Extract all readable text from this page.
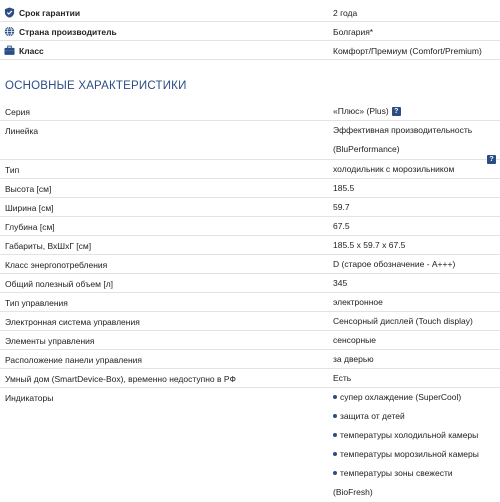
Срок гарантии	2 года
Страна производитель	Болгария*
Класс	Комфорт/Премиум (Comfort/Premium)
ОСНОВНЫЕ ХАРАКТЕРИСТИКИ
Серия	«Плюс» (Plus) ?
Линейка	Эффективная производительность
(BluPerformance)
?
Тип	холодильник с морозильником
Высота [см]	185.5
Ширина [см]	59.7
Глубина [см]	67.5
Габариты, ВхШхГ [см]	185.5 x 59.7 x 67.5
Класс энергопотребления	D (старое обозначение - A+++)
Общий полезный объем [л]	345
Тип управления	электронное
Электронная система управления	Сенсорный дисплей (Touch display)
Элементы управления	сенсорные
Расположение панели управления	за дверью
Умный дом (SmartDevice-Box), временно недоступно в РФ	Есть
Индикаторы	супер охлаждение (SuperCool)
защита от детей
температуры холодильной камеры
температуры морозильной камеры
температуры зоны свежести (BioFresh)
